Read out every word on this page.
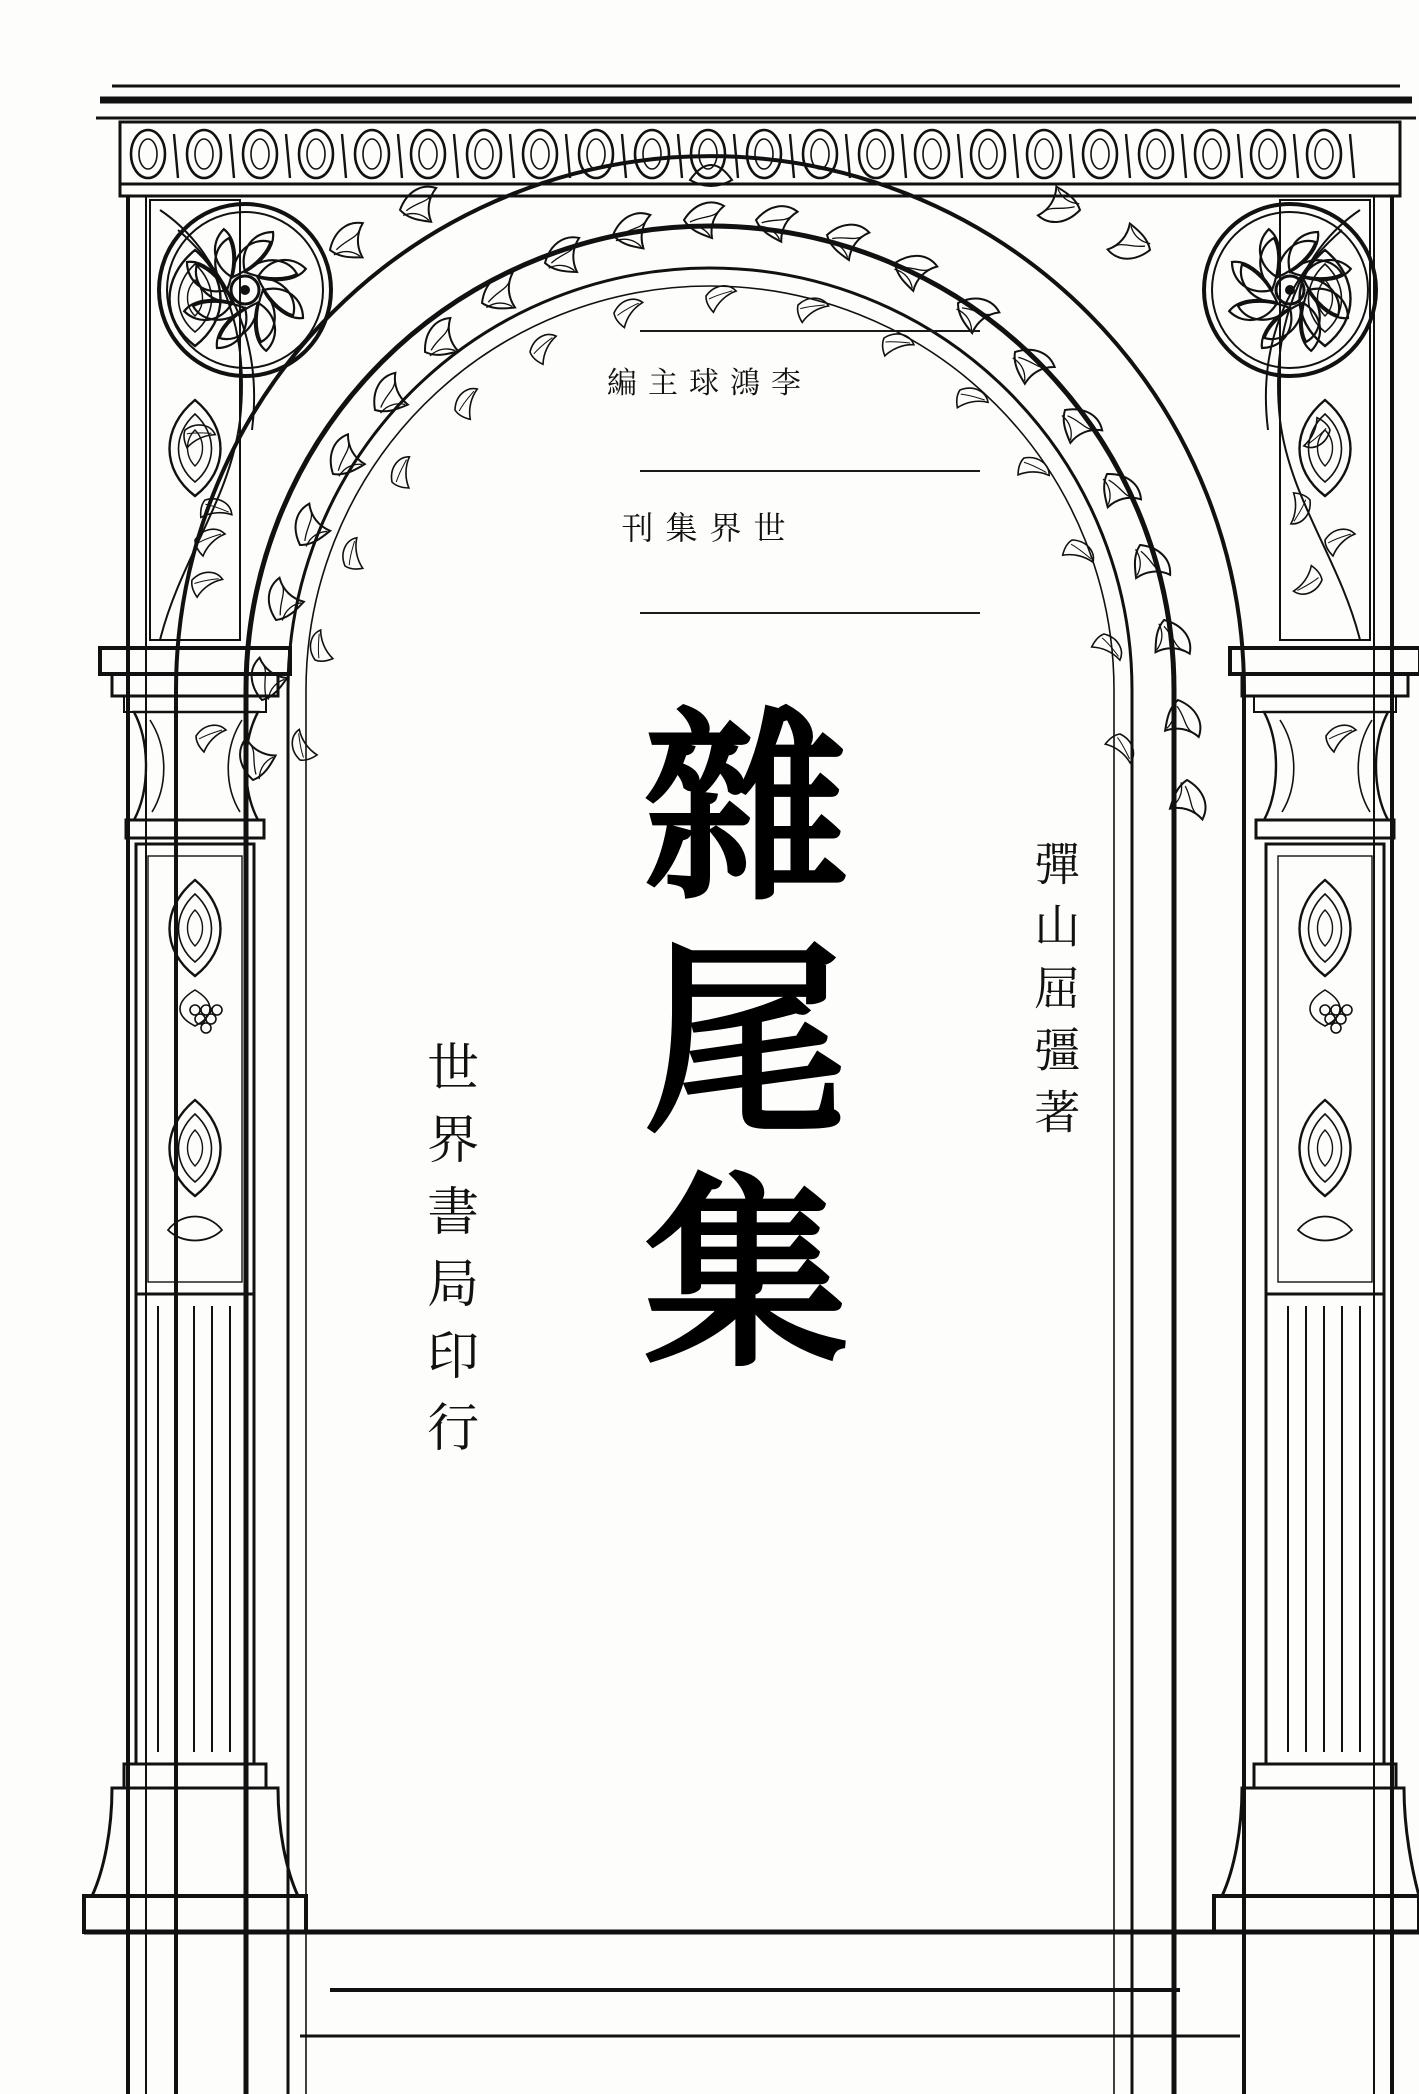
編主球鴻李
刊集界世
雜尾集	彈山屈彊著
世界書局印行
